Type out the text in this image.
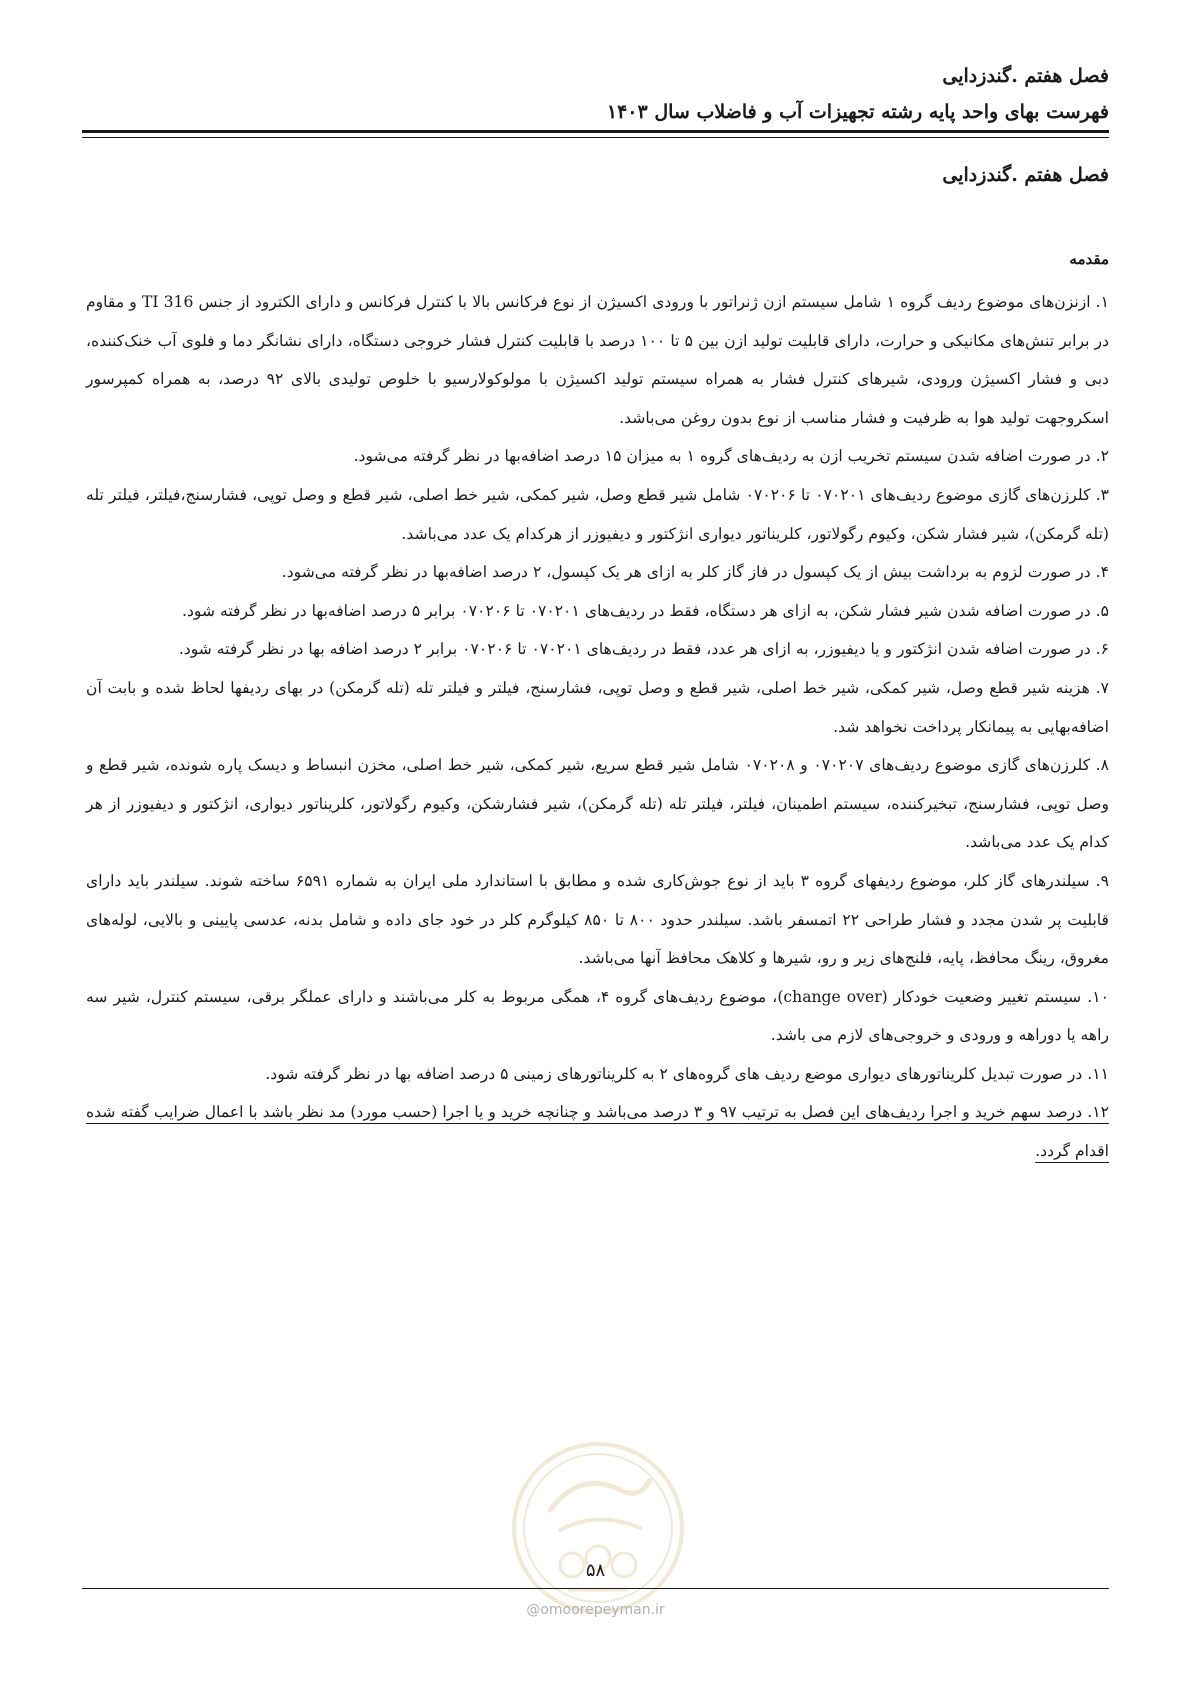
فصل هفتم .گندزدایی
فهرست بهای واحد پایه رشته تجهیزات آب و فاضلاب سال ۱۴۰۳
فصل هفتم .گندزدایی
مقدمه

۱. ازنزن‌های موضوع ردیف گروه ۱ شامل سیستم ازن ژنراتور با ورودی اکسیژن از نوع فرکانس بالا با کنترل فرکانس و دارای الکترود از جنس TI 316 و مقاوم در برابر تنش‌های مکانیکی و حرارت، دارای قابلیت تولید ازن بین ۵ تا ۱۰۰ درصد با قابلیت کنترل فشار خروجی دستگاه، دارای نشانگر دما و فلوی آب خنک‌کننده، دبی و فشار اکسیژن ورودی، شیرهای کنترل فشار به همراه سیستم تولید اکسیژن با مولوکولارسیو با خلوص تولیدی بالای ۹۲ درصد، به همراه کمپرسور اسکروجهت تولید هوا به ظرفیت و فشار مناسب از نوع بدون روغن می‌باشد.

۲. در صورت اضافه شدن سیستم تخریب ازن به ردیف‌های گروه ۱ به میزان ۱۵ درصد اضافه‌بها در نظر گرفته می‌شود.

۳. کلرزن‌های گازی موضوع ردیف‌های ۰۷۰۲۰۱ تا ۰۷۰۲۰۶ شامل شیر قطع وصل، شیر کمکی، شیر خط اصلی، شیر قطع و وصل توپی، فشارسنج،فیلتر، فیلتر تله (تله گرمکن)، شیر فشار شکن، وکیوم رگولاتور، کلریناتور دیواری انژکتور و دیفیوزر از هرکدام یک عدد می‌باشد.

۴. در صورت لزوم به برداشت بیش از یک کپسول در فاز گاز کلر به ازای هر یک کپسول، ۲ درصد اضافه‌بها در نظر گرفته می‌شود.

۵. در صورت اضافه شدن شیر فشار شکن، به ازای هر دستگاه، فقط در ردیف‌های ۰۷۰۲۰۱ تا ۰۷۰۲۰۶ برابر ۵ درصد اضافه‌بها در نظر گرفته شود.

۶. در صورت اضافه شدن انژکتور و یا دیفیوزر، به ازای هر عدد، فقط در ردیف‌های ۰۷۰۲۰۱ تا ۰۷۰۲۰۶ برابر ۲ درصد اضافه بها در نظر گرفته شود.

۷. هزینه شیر قطع وصل، شیر کمکی، شیر خط اصلی، شیر قطع و وصل توپی، فشارسنج، فیلتر و فیلتر تله (تله گرمکن) در بهای ردیفها لحاظ شده و بابت آن اضافه‌بهایی به پیمانکار پرداخت نخواهد شد.

۸. کلرزن‌های گازی موضوع ردیف‌های ۰۷۰۲۰۷ و ۰۷۰۲۰۸ شامل شیر قطع سریع، شیر کمکی، شیر خط اصلی، مخزن انبساط و دیسک پاره شونده، شیر قطع و وصل توپی، فشارسنج، تبخیرکننده، سیستم اطمینان، فیلتر، فیلتر تله (تله گرمکن)، شیر فشارشکن، وکیوم رگولاتور، کلریناتور دیواری، انژکتور و دیفیوزر از هر کدام یک عدد می‌باشد.

۹. سیلندرهای گاز کلر، موضوع ردیفهای گروه ۳ باید از نوع جوش‌کاری شده و مطابق با استاندارد ملی ایران به شماره ۶۵۹۱ ساخته شوند. سیلندر باید دارای قابلیت پر شدن مجدد و فشار طراحی ۲۲ اتمسفر باشد. سیلندر حدود ۸۰۰ تا ۸۵۰ کیلوگرم کلر در خود جای داده و شامل بدنه، عدسی پایینی و بالایی، لوله‌های مغروق، رینگ محافظ، پایه، فلنج‌های زیر و رو، شیرها و کلاهک محافظ آنها می‌باشد.

۱۰. سیستم تغییر وضعیت خودکار (change over)، موضوع ردیف‌های گروه ۴، همگی مربوط به کلر می‌باشند و دارای عملگر برقی، سیستم کنترل، شیر سه راهه یا دوراهه و ورودی و خروجی‌های لازم می باشد.

۱۱. در صورت تبدیل کلریناتورهای دیواری موضع ردیف های گروه‌های ۲ به کلریناتورهای زمینی ۵ درصد اضافه بها در نظر گرفته شود.

۱۲. درصد سهم خرید و اجرا ردیف‌های این فصل به ترتیب ۹۷ و ۳ درصد می‌باشد و چنانچه خرید و یا اجرا (حسب مورد) مد نظر باشد با اعمال ضرایب گفته شده اقدام گردد.

۵۸
@omoorepeyman.ir
